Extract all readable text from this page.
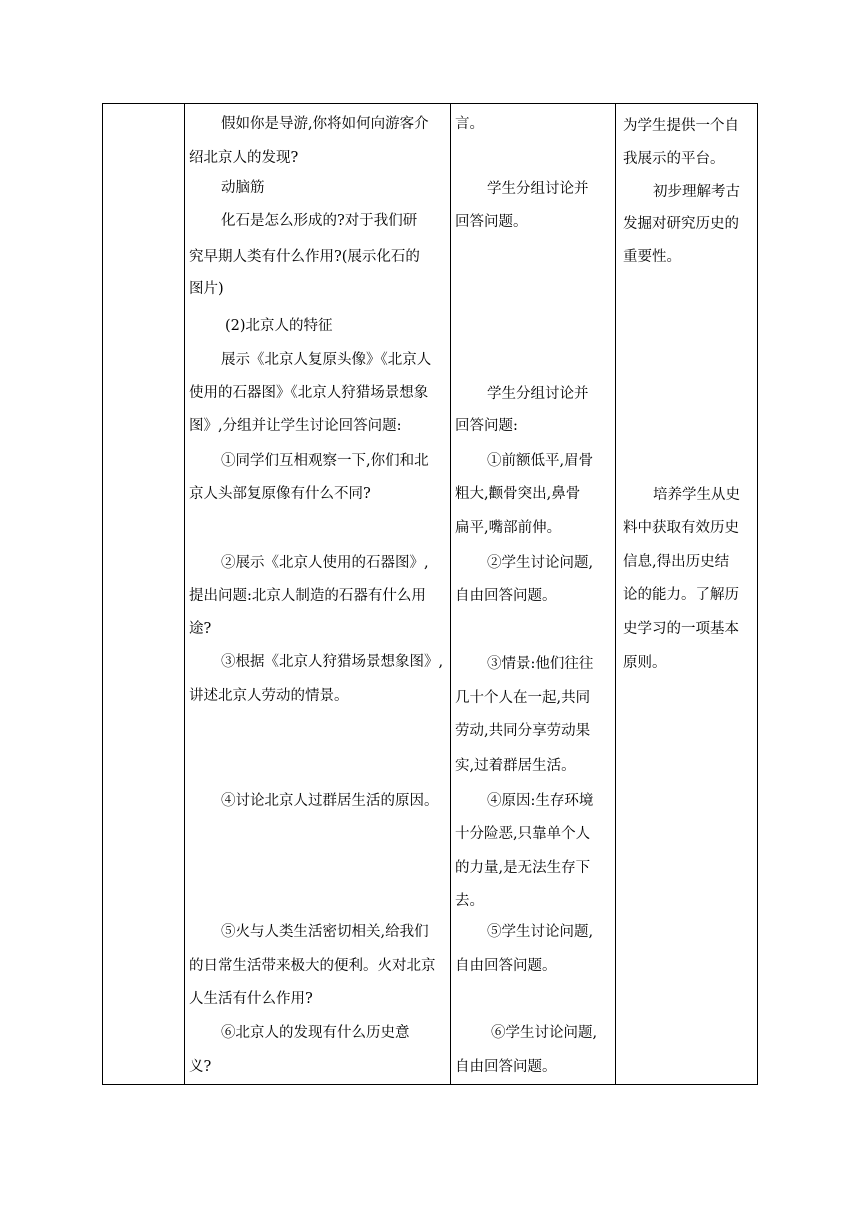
假如你是导游,你将如何向游客介
绍北京人的发现?
动脑筋
化石是怎么形成的?对于我们研
究早期人类有什么作用?(展示化石的
图片)
(2)北京人的特征
展示《北京人复原头像》《北京人
使用的石器图》《北京人狩猎场景想象
图》,分组并让学生讨论回答问题:
①同学们互相观察一下,你们和北
京人头部复原像有什么不同?
②展示《北京人使用的石器图》,
提出问题:北京人制造的石器有什么用
途?
③根据《北京人狩猎场景想象图》,
讲述北京人劳动的情景。
④讨论北京人过群居生活的原因。
⑤火与人类生活密切相关,给我们
的日常生活带来极大的便利。火对北京
人生活有什么作用?
⑥北京人的发现有什么历史意
义?
言。
学生分组讨论并
回答问题。
学生分组讨论并
回答问题:
①前额低平,眉骨
粗大,颧骨突出,鼻骨
扁平,嘴部前伸。
②学生讨论问题,
自由回答问题。
③情景:他们往往
几十个人在一起,共同
劳动,共同分享劳动果
实,过着群居生活。
④原因:生存环境
十分险恶,只靠单个人
的力量,是无法生存下
去。
⑤学生讨论问题,
自由回答问题。
⑥学生讨论问题,
自由回答问题。
为学生提供一个自
我展示的平台。
初步理解考古
发掘对研究历史的
重要性。
培养学生从史
料中获取有效历史
信息,得出历史结
论的能力。了解历
史学习的一项基本
原则。
